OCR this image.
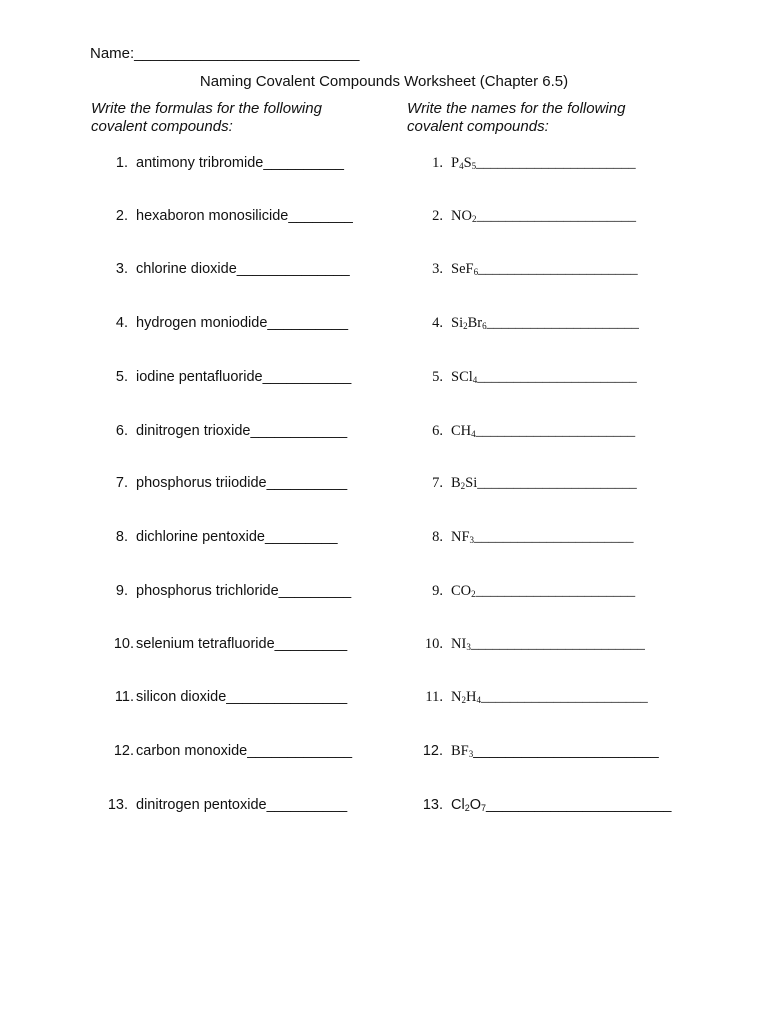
Name:___________________________
Naming Covalent Compounds Worksheet (Chapter 6.5)
Write the formulas for the following
covalent compounds:
Write the names for the following
covalent compounds:
1. antimony tribromide__________
2. hexaboron monosilicide________
3. chlorine dioxide______________
4. hydrogen moniodide__________
5. iodine pentafluoride___________
6. dinitrogen trioxide____________
7. phosphorus triiodide__________
8. dichlorine pentoxide_________
9. phosphorus trichloride_________
10. selenium tetrafluoride_________
11. silicon dioxide_______________
12. carbon monoxide_____________
13. dinitrogen pentoxide__________
1. $P_4S_5\_\_\_\_\_\_\_\_\_\_\_\_\_\_\_\_\_\_\_\_\_\_$
2. $NO_2\_\_\_\_\_\_\_\_\_\_\_\_\_\_\_\_\_\_\_\_\_\_$
3. SeF$_6$______________________
4. $Si_2Br_6\_\_\_\_\_\_\_\_\_\_\_\_\_\_\_\_\_\_\_\_\_$
5. SCl$_4$______________________
6. $CH_4\_\_\_\_\_\_\_\_\_\_\_\_\_\_\_\_\_\_\_\_\_\_$
7. $B_2Si\_\_\_\_\_\_\_\_\_\_\_\_\_\_\_\_\_\_\_\_\_\_$
8. $NF_3\_\_\_\_\_\_\_\_\_\_\_\_\_\_\_\_\_\_\_\_\_\_$
9. $CO_2\_\_\_\_\_\_\_\_\_\_\_\_\_\_\_\_\_\_\_\_\_\_$
10. $NI_3\_\_\_\_\_\_\_\_\_\_\_\_\_\_\_\_\_\_\_\_\_\_\_\_$
11. $N_2H_4\_\_\_\_\_\_\_\_\_\_\_\_\_\_\_\_\_\_\_\_\_\_\_$
12. $BF_3\_\_\_\_\_\_\_\_\_\_\_\_\_\_\_\_\_\_\_\_\_\_\_$
13. $Cl_2O_7\_\_\_\_\_\_\_\_\_\_\_\_\_\_\_\_\_\_\_\_\_\_\_$
